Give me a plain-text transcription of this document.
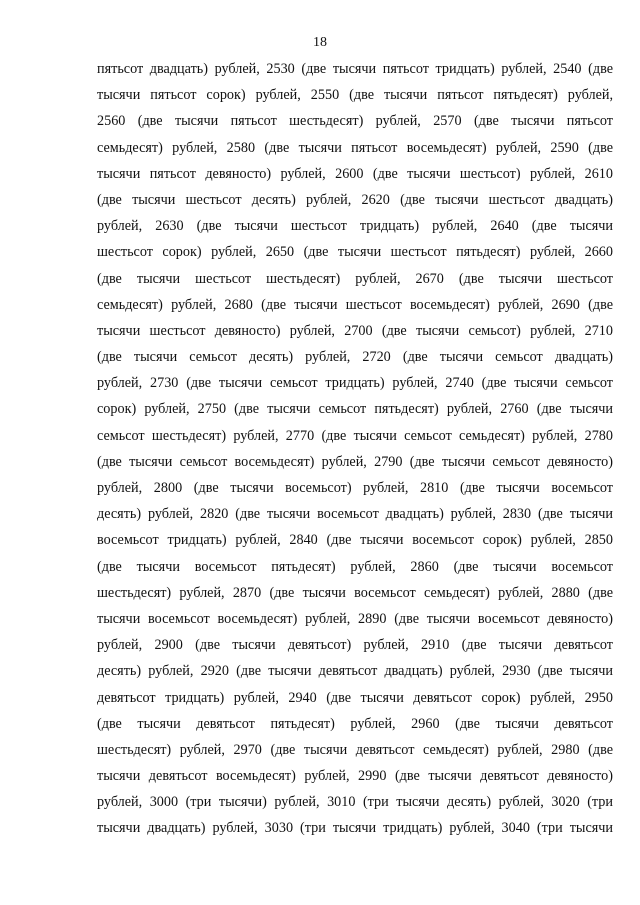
18
пятьсот двадцать) рублей, 2530 (две тысячи пятьсот тридцать) рублей, 2540 (две
тысячи пятьсот сорок) рублей, 2550 (две тысячи пятьсот пятьдесят) рублей,
2560 (две тысячи пятьсот шестьдесят) рублей, 2570 (две тысячи пятьсот
семьдесят) рублей, 2580 (две тысячи пятьсот восемьдесят) рублей, 2590 (две
тысячи пятьсот девяносто) рублей, 2600 (две тысячи шестьсот) рублей, 2610
(две тысячи шестьсот десять) рублей, 2620 (две тысячи шестьсот двадцать)
рублей, 2630 (две тысячи шестьсот тридцать) рублей, 2640 (две тысячи
шестьсот сорок) рублей, 2650 (две тысячи шестьсот пятьдесят) рублей, 2660
(две тысячи шестьсот шестьдесят) рублей, 2670 (две тысячи шестьсот
семьдесят) рублей, 2680 (две тысячи шестьсот восемьдесят) рублей, 2690 (две
тысячи шестьсот девяносто) рублей, 2700 (две тысячи семьсот) рублей, 2710
(две тысячи семьсот десять) рублей, 2720 (две тысячи семьсот двадцать)
рублей, 2730 (две тысячи семьсот тридцать) рублей, 2740 (две тысячи семьсот
сорок) рублей, 2750 (две тысячи семьсот пятьдесят) рублей, 2760 (две тысячи
семьсот шестьдесят) рублей, 2770 (две тысячи семьсот семьдесят) рублей, 2780
(две тысячи семьсот восемьдесят) рублей, 2790 (две тысячи семьсот девяносто)
рублей, 2800 (две тысячи восемьсот) рублей, 2810 (две тысячи восемьсот
десять) рублей, 2820 (две тысячи восемьсот двадцать) рублей, 2830 (две тысячи
восемьсот тридцать) рублей, 2840 (две тысячи восемьсот сорок) рублей, 2850
(две тысячи восемьсот пятьдесят) рублей, 2860 (две тысячи восемьсот
шестьдесят) рублей, 2870 (две тысячи восемьсот семьдесят) рублей, 2880 (две
тысячи восемьсот восемьдесят) рублей, 2890 (две тысячи восемьсот девяносто)
рублей, 2900 (две тысячи девятьсот) рублей, 2910 (две тысячи девятьсот
десять) рублей, 2920 (две тысячи девятьсот двадцать) рублей, 2930 (две тысячи
девятьсот тридцать) рублей, 2940 (две тысячи девятьсот сорок) рублей, 2950
(две тысячи девятьсот пятьдесят) рублей, 2960 (две тысячи девятьсот
шестьдесят) рублей, 2970 (две тысячи девятьсот семьдесят) рублей, 2980 (две
тысячи девятьсот восемьдесят) рублей, 2990 (две тысячи девятьсот девяносто)
рублей, 3000 (три тысячи) рублей, 3010 (три тысячи десять) рублей, 3020 (три
тысячи двадцать) рублей, 3030 (три тысячи тридцать) рублей, 3040 (три тысячи
